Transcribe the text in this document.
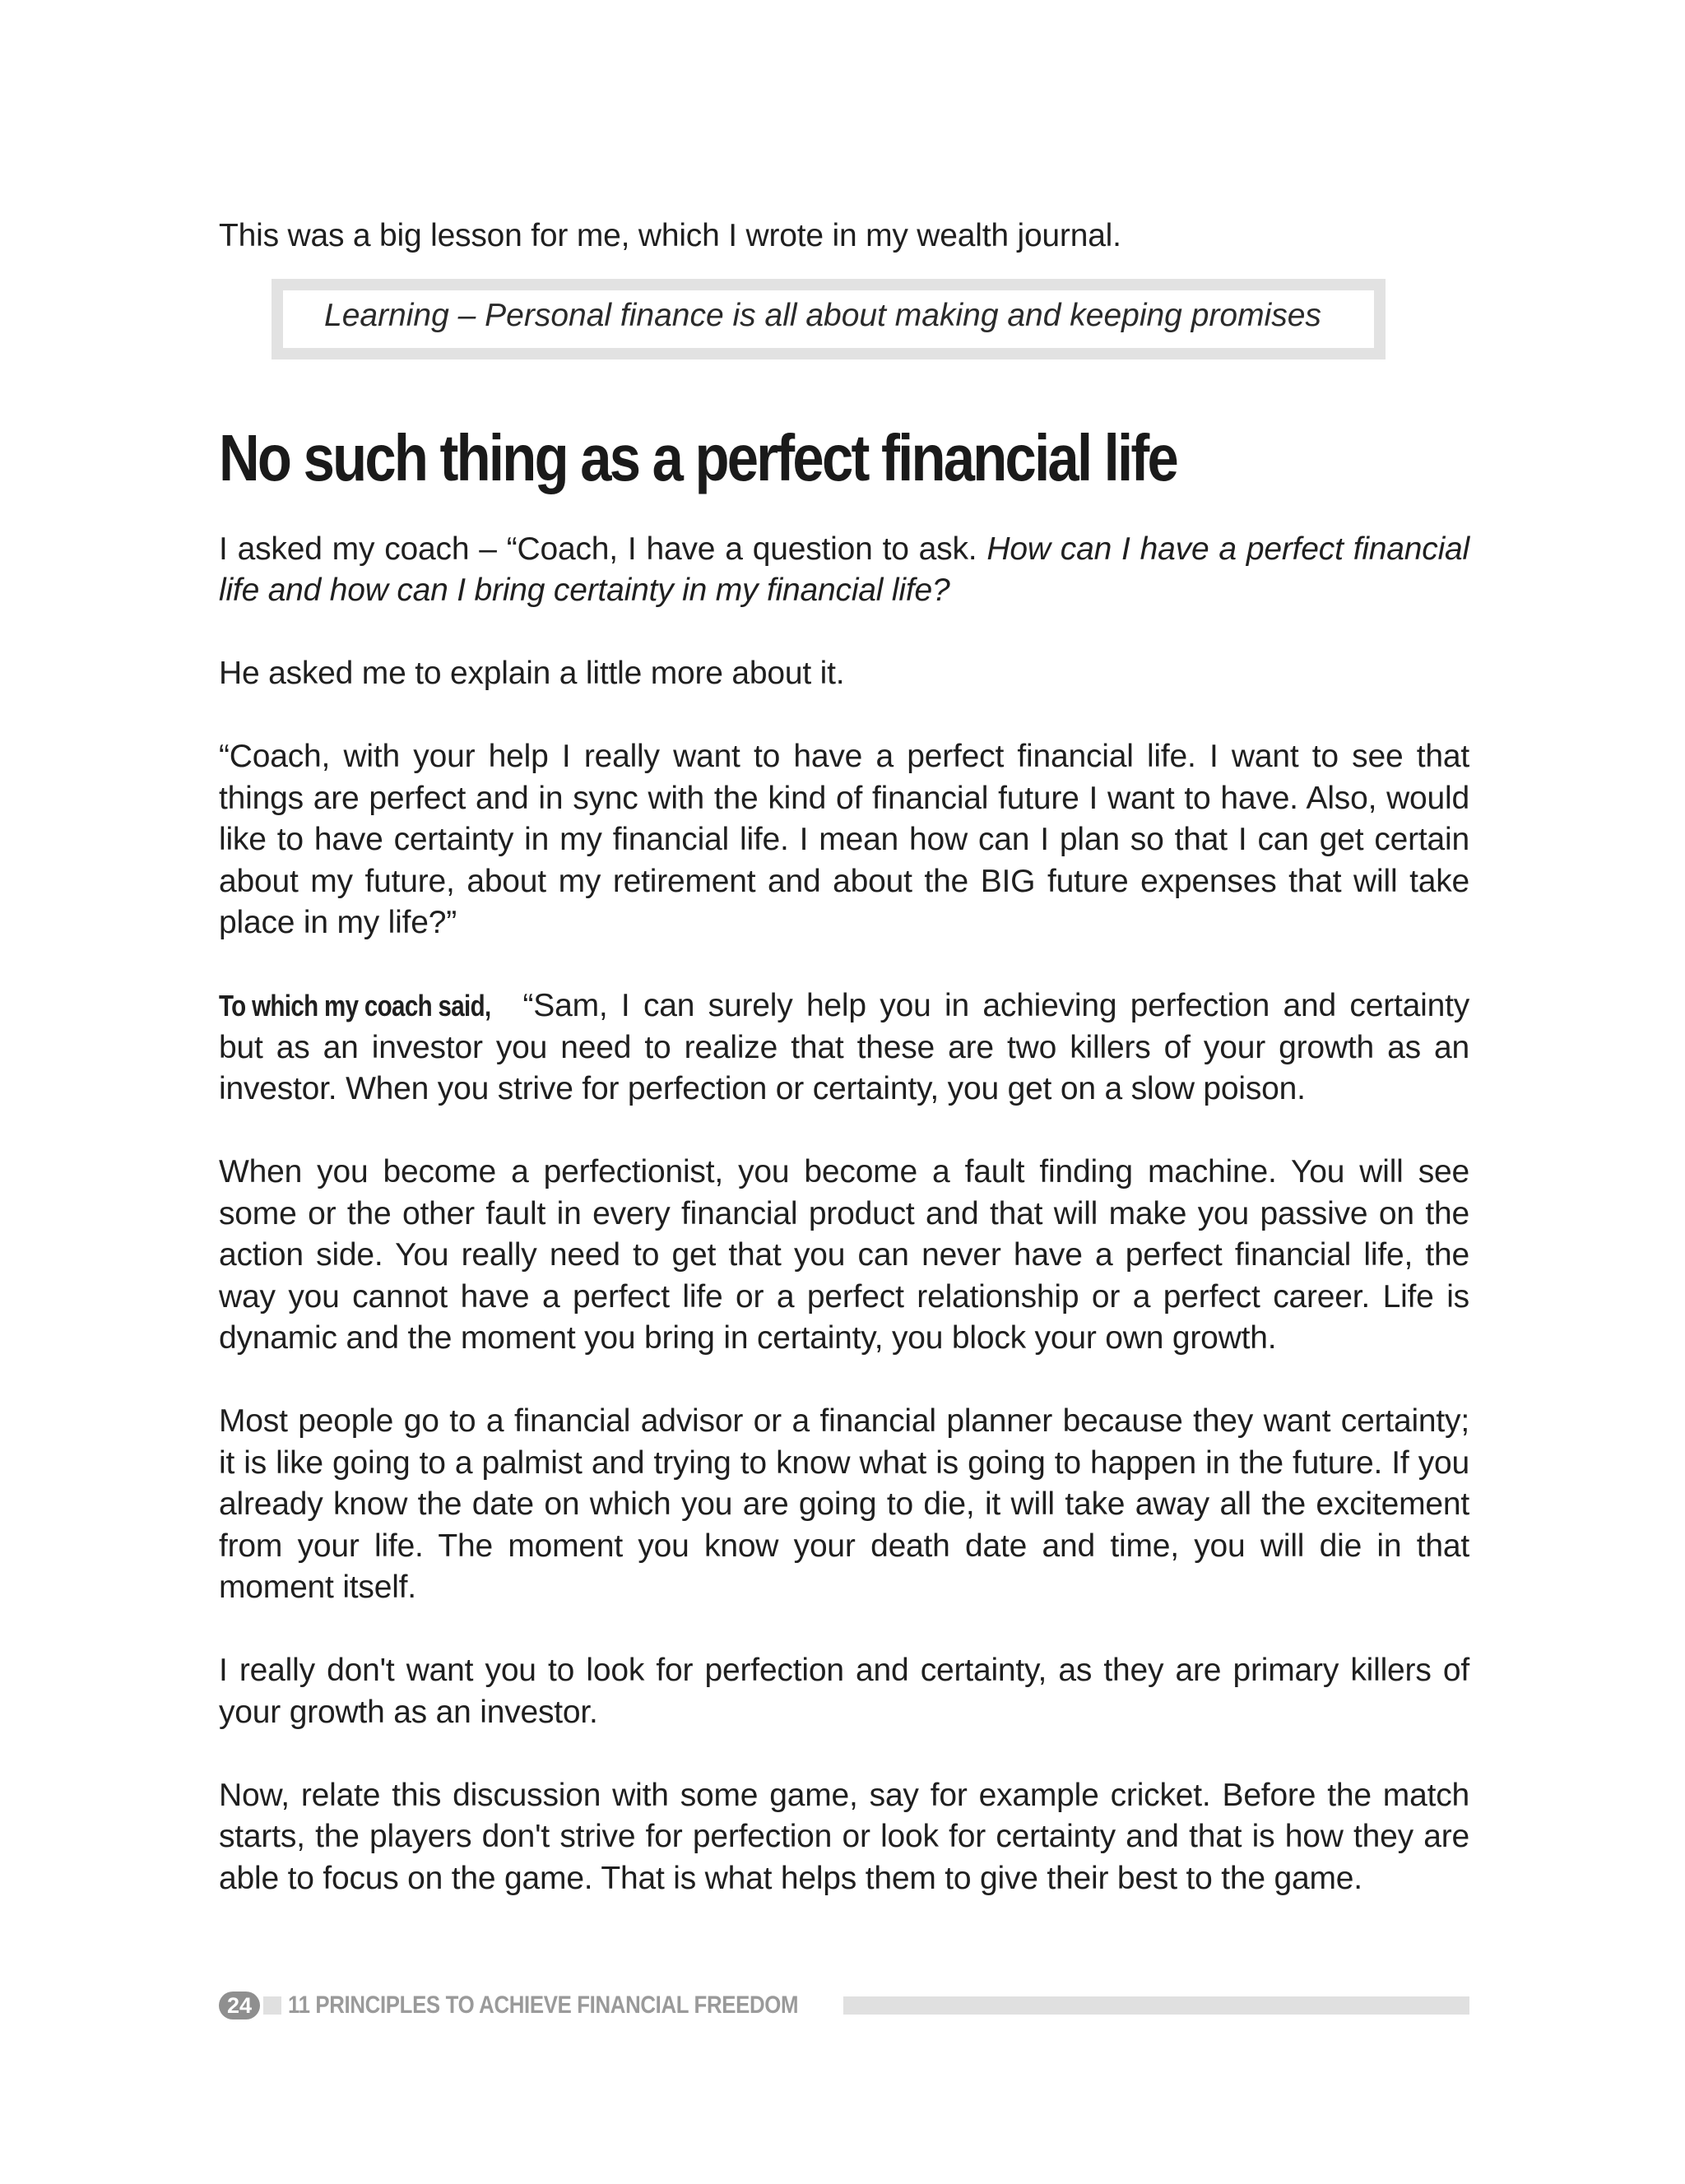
This was a big lesson for me, which I wrote in my wealth journal.

Learning – Personal finance is all about making and keeping promises
No such thing as a perfect financial life

I asked my coach – “Coach, I have a question to ask. How can I have a perfect financial life and how can I bring certainty in my financial life?

He asked me to explain a little more about it.

“Coach, with your help I really want to have a perfect financial life. I want to see that things are perfect and in sync with the kind of financial future I want to have. Also, would like to have certainty in my financial life. I mean how can I plan so that I can get certain about my future, about my retirement and about the BIG future expenses that will take place in my life?”

To which my coach said, “Sam, I can surely help you in achieving perfection and certainty but as an investor you need to realize that these are two killers of your growth as an investor. When you strive for perfection or certainty, you get on a slow poison.

When you become a perfectionist, you become a fault finding machine. You will see some or the other fault in every financial product and that will make you passive on the action side. You really need to get that you can never have a perfect financial life, the way you cannot have a perfect life or a perfect relationship or a perfect career. Life is dynamic and the moment you bring in certainty, you block your own growth.

Most people go to a financial advisor or a financial planner because they want certainty; it is like going to a palmist and trying to know what is going to happen in the future. If you already know the date on which you are going to die, it will take away all the excitement from your life. The moment you know your death date and time, you will die in that moment itself.

I really don't want you to look for perfection and certainty, as they are primary killers of your growth as an investor.

Now, relate this discussion with some game, say for example cricket. Before the match starts, the players don't strive for perfection or look for certainty and that is how they are able to focus on the game. That is what helps them to give their best to the game.

24	11 PRINCIPLES TO ACHIEVE FINANCIAL FREEDOM
